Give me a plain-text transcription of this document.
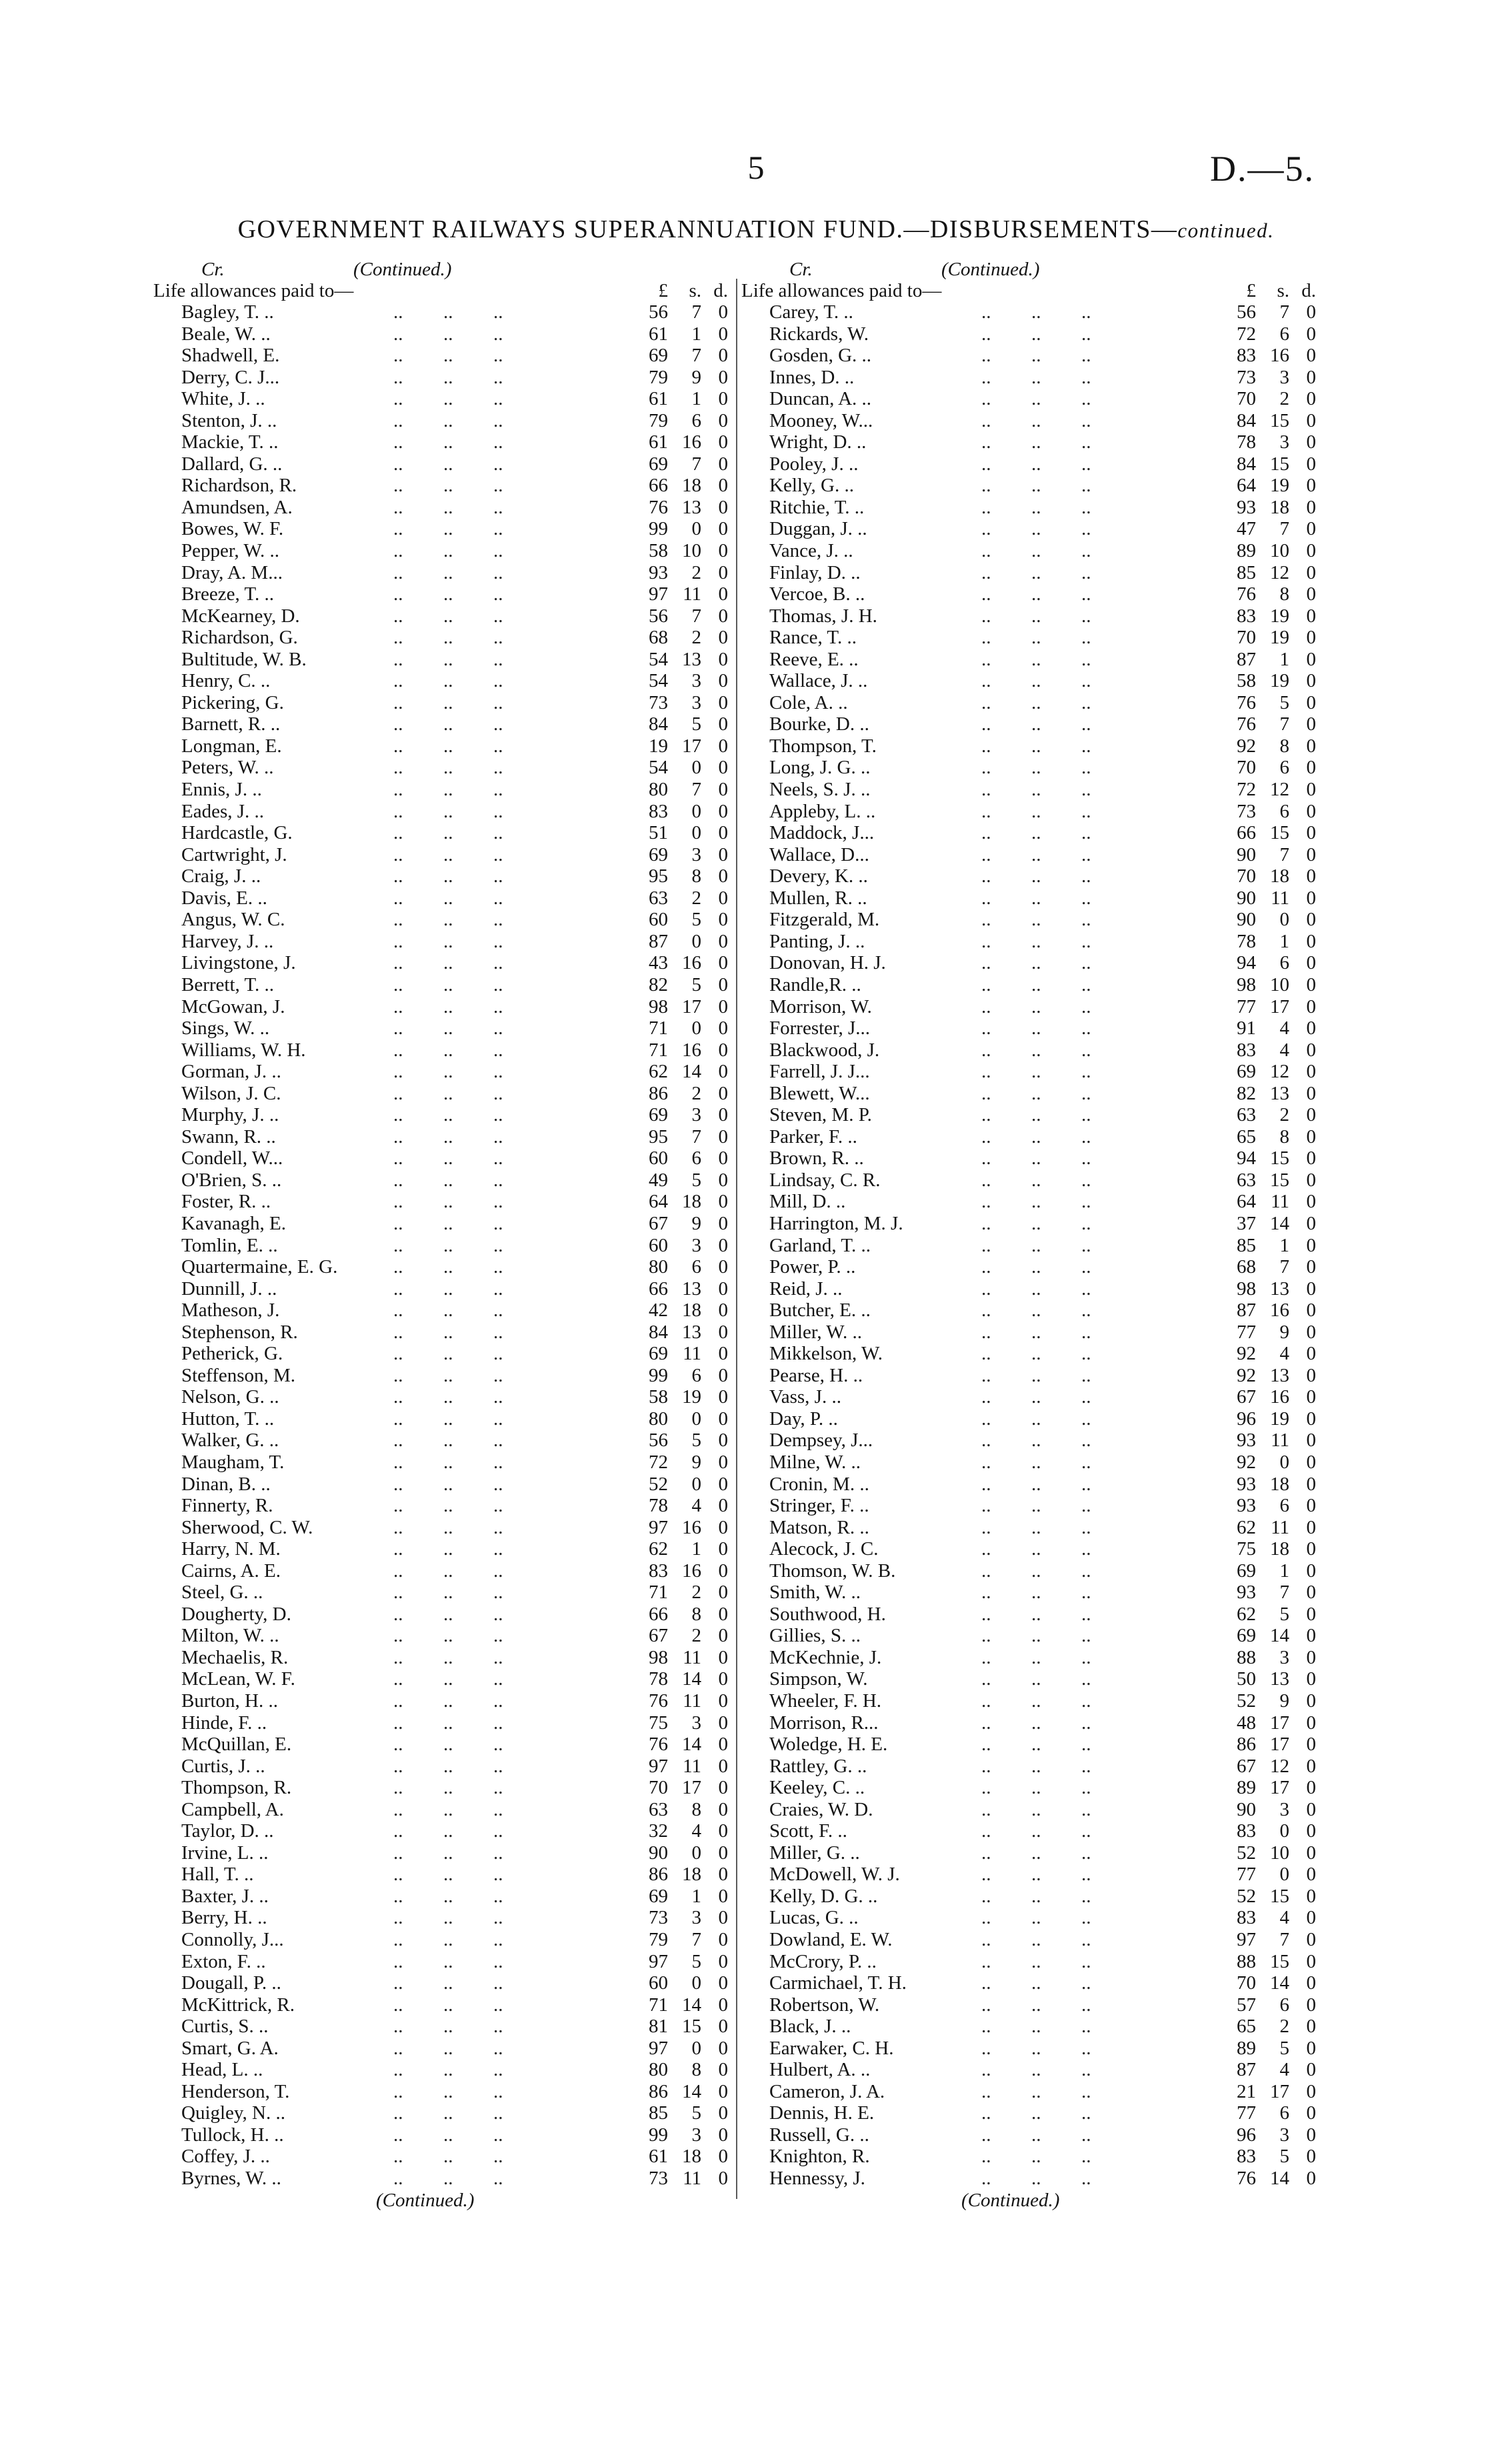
5	D.—5.
GOVERNMENT RAILWAYS SUPERANNUATION FUND.—DISBURSEMENTS—continued.
Cr.	(Continued.)
Life allowances paid to—	£	s. d.
Bagley, T. ..	.. .. ..	56	7 0
Beale, W. ..	.. .. ..	61	1 0
Shadwell, E.	.. .. ..	69	7 0
Derry, C. J...	.. .. ..	79	9 0
White, J. ..	.. .. ..	61	1 0
Stenton, J. ..	.. .. ..	79	6 0
Mackie, T. ..	.. .. ..	61 16 0
Dallard, G. ..	.. .. ..	69	7 0
Richardson, R.	.. .. ..	66 18 0
Amundsen, A.	.. .. ..	76 13 0
Bowes, W. F.	.. .. ..	99	0 0
Pepper, W. ..	.. .. ..	58 10 0
Dray, A. M...	.. .. ..	93	2 0
Breeze, T. ..	.. .. ..	97 11 0
McKearney, D.	.. .. ..	56	7 0
Richardson, G.	.. .. ..	68	2 0
Bultitude, W. B.	.. .. ..	54 13 0
Henry, C. ..	.. .. ..	54	3 0
Pickering, G.	.. .. ..	73	3 0
Barnett, R. ..	.. .. ..	84	5 0
Longman, E.	.. .. ..	19 17 0
Peters, W. ..	.. .. ..	54	0 0
Ennis, J. ..	.. .. ..	80	7 0
Eades, J. ..	.. .. ..	83	0 0
Hardcastle, G.	.. .. ..	51	0 0
Cartwright, J.	.. .. ..	69	3 0
Craig, J. ..	.. .. ..	95	8 0
Davis, E. ..	.. .. ..	63	2 0
Angus, W. C.	.. .. ..	60	5 0
Harvey, J. ..	.. .. ..	87	0 0
Livingstone, J.	.. .. ..	43 16 0
Berrett, T. ..	.. .. ..	82	5 0
McGowan, J.	.. .. ..	98 17 0
Sings, W. ..	.. .. ..	71	0 0
Williams, W. H.	.. .. ..	71 16 0
Gorman, J. ..	.. .. ..	62 14 0
Wilson, J. C.	.. .. ..	86	2 0
Murphy, J. ..	.. .. ..	69	3 0
Swann, R. ..	.. .. ..	95	7 0
Condell, W...	.. .. ..	60	6 0
O'Brien, S. ..	.. .. ..	49	5 0
Foster, R. ..	.. .. ..	64 18 0
Kavanagh, E.	.. .. ..	67	9 0
Tomlin, E. ..	.. .. ..	60	3 0
Quartermaine, E. G.	.. .. ..	80	6 0
Dunnill, J. ..	.. .. ..	66 13 0
Matheson, J.	.. .. ..	42 18 0
Stephenson, R.	.. .. ..	84 13 0
Petherick, G.	.. .. ..	69 11 0
Steffenson, M.	.. .. ..	99	6 0
Nelson, G. ..	.. .. ..	58 19 0
Hutton, T. ..	.. .. ..	80	0 0
Walker, G. ..	.. .. ..	56	5 0
Maugham, T.	.. .. ..	72	9 0
Dinan, B. ..	.. .. ..	52	0 0
Finnerty, R.	.. .. ..	78	4 0
Sherwood, C. W.	.. .. ..	97 16 0
Harry, N. M.	.. .. ..	62	1 0
Cairns, A. E.	.. .. ..	83 16 0
Steel, G. ..	.. .. ..	71	2 0
Dougherty, D.	.. .. ..	66	8 0
Milton, W. ..	.. .. ..	67	2 0
Mechaelis, R.	.. .. ..	98 11 0
McLean, W. F.	.. .. ..	78 14 0
Burton, H. ..	.. .. ..	76 11 0
Hinde, F. ..	.. .. ..	75	3 0
McQuillan, E.	.. .. ..	76 14 0
Curtis, J. ..	.. .. ..	97 11 0
Thompson, R.	.. .. ..	70 17 0
Campbell, A.	.. .. ..	63	8 0
Taylor, D. ..	.. .. ..	32	4 0
Irvine, L. ..	.. .. ..	90	0 0
Hall, T. ..	.. .. ..	86 18 0
Baxter, J. ..	.. .. ..	69	1 0
Berry, H. ..	.. .. ..	73	3 0
Connolly, J...	.. .. ..	79	7 0
Exton, F. ..	.. .. ..	97	5 0
Dougall, P. ..	.. .. ..	60	0 0
McKittrick, R.	.. .. ..	71 14 0
Curtis, S. ..	.. .. ..	81 15 0
Smart, G. A.	.. .. ..	97	0 0
Head, L. ..	.. .. ..	80	8 0
Henderson, T.	.. .. ..	86 14 0
Quigley, N. ..	.. .. ..	85	5 0
Tullock, H. ..	.. .. ..	99	3 0
Coffey, J. ..	.. .. ..	61 18 0
Byrnes, W. ..	.. .. ..	73 11 0
(Continued.)
Cr.	(Continued.)
Life allowances paid to—	£	s. d.
Carey, T. ..	.. .. ..	56	7 0
Rickards, W.	.. .. ..	72	6 0
Gosden, G. ..	.. .. ..	83 16 0
Innes, D. ..	.. .. ..	73	3 0
Duncan, A. ..	.. .. ..	70	2 0
Mooney, W...	.. .. ..	84 15 0
Wright, D. ..	.. .. ..	78	3 0
Pooley, J. ..	.. .. ..	84 15 0
Kelly, G. ..	.. .. ..	64 19 0
Ritchie, T. ..	.. .. ..	93 18 0
Duggan, J. ..	.. .. ..	47	7 0
Vance, J. ..	.. .. ..	89 10 0
Finlay, D. ..	.. .. ..	85 12 0
Vercoe, B. ..	.. .. ..	76	8 0
Thomas, J. H.	.. .. ..	83 19 0
Rance, T. ..	.. .. ..	70 19 0
Reeve, E. ..	.. .. ..	87	1 0
Wallace, J. ..	.. .. ..	58 19 0
Cole, A. ..	.. .. ..	76	5 0
Bourke, D. ..	.. .. ..	76	7 0
Thompson, T.	.. .. ..	92	8 0
Long, J. G. ..	.. .. ..	70	6 0
Neels, S. J. ..	.. .. ..	72 12 0
Appleby, L. ..	.. .. ..	73	6 0
Maddock, J...	.. .. ..	66 15 0
Wallace, D...	.. .. ..	90	7 0
Devery, K. ..	.. .. ..	70 18 0
Mullen, R. ..	.. .. ..	90 11 0
Fitzgerald, M.	.. .. ..	90	0 0
Panting, J. ..	.. .. ..	78	1 0
Donovan, H. J.	.. .. ..	94	6 0
Randle,R. ..	.. .. ..	98 10 0
Morrison, W.	.. .. ..	77 17 0
Forrester, J...	.. .. ..	91	4 0
Blackwood, J.	.. .. ..	83	4 0
Farrell, J. J...	.. .. ..	69 12 0
Blewett, W...	.. .. ..	82 13 0
Steven, M. P.	.. .. ..	63	2 0
Parker, F. ..	.. .. ..	65	8 0
Brown, R. ..	.. .. ..	94 15 0
Lindsay, C. R.	.. .. ..	63 15 0
Mill, D. ..	.. .. ..	64 11 0
Harrington, M. J.	.. .. ..	37 14 0
Garland, T. ..	.. .. ..	85	1 0
Power, P. ..	.. .. ..	68	7 0
Reid, J. ..	.. .. ..	98 13 0
Butcher, E. ..	.. .. ..	87 16 0
Miller, W. ..	.. .. ..	77	9 0
Mikkelson, W.	.. .. ..	92	4 0
Pearse, H. ..	.. .. ..	92 13 0
Vass, J. ..	.. .. ..	67 16 0
Day, P. ..	.. .. ..	96 19 0
Dempsey, J...	.. .. ..	93 11 0
Milne, W. ..	.. .. ..	92	0 0
Cronin, M. ..	.. .. ..	93 18 0
Stringer, F. ..	.. .. ..	93	6 0
Matson, R. ..	.. .. ..	62 11 0
Alecock, J. C.	.. .. ..	75 18 0
Thomson, W. B.	.. .. ..	69	1 0
Smith, W. ..	.. .. ..	93	7 0
Southwood, H.	.. .. ..	62	5 0
Gillies, S. ..	.. .. ..	69 14 0
McKechnie, J.	.. .. ..	88	3 0
Simpson, W.	.. .. ..	50 13 0
Wheeler, F. H.	.. .. ..	52	9 0
Morrison, R...	.. .. ..	48 17 0
Woledge, H. E.	.. .. ..	86 17 0
Rattley, G. ..	.. .. ..	67 12 0
Keeley, C. ..	.. .. ..	89 17 0
Craies, W. D.	.. .. ..	90	3 0
Scott, F. ..	.. .. ..	83	0 0
Miller, G. ..	.. .. ..	52 10 0
McDowell, W. J.	.. .. ..	77	0 0
Kelly, D. G. ..	.. .. ..	52 15 0
Lucas, G. ..	.. .. ..	83	4 0
Dowland, E. W.	.. .. ..	97	7 0
McCrory, P. ..	.. .. ..	88 15 0
Carmichael, T. H.	.. .. ..	70 14 0
Robertson, W.	.. .. ..	57	6 0
Black, J. ..	.. .. ..	65	2 0
Earwaker, C. H.	.. .. ..	89	5 0
Hulbert, A. ..	.. .. ..	87	4 0
Cameron, J. A.	.. .. ..	21 17 0
Dennis, H. E.	.. .. ..	77	6 0
Russell, G. ..	.. .. ..	96	3 0
Knighton, R.	.. .. ..	83	5 0
Hennessy, J.	.. .. ..	76 14 0
(Continued.)
